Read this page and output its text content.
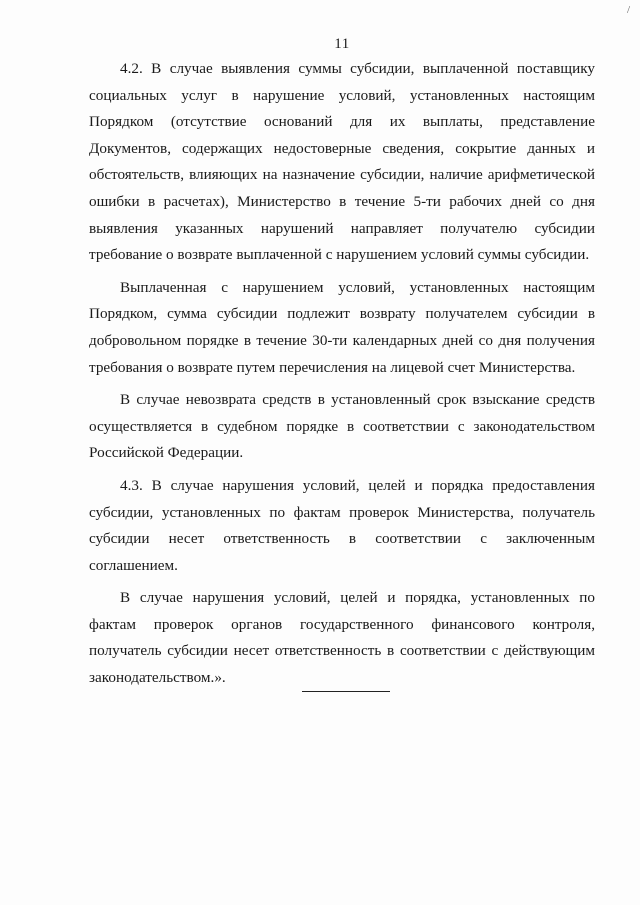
/
11

4.2. В случае выявления суммы субсидии, выплаченной поставщику социальных услуг в нарушение условий, установленных настоящим Порядком (отсутствие оснований для их выплаты, представление Документов, содержащих недостоверные сведения, сокрытие данных и обстоятельств, влияющих на назначение субсидии, наличие арифметической ошибки в расчетах), Министерство в течение 5-ти рабочих дней со дня выявления указанных нарушений направляет получателю субсидии требование о возврате выплаченной с нарушением условий суммы субсидии.

Выплаченная с нарушением условий, установленных настоящим Порядком, сумма субсидии подлежит возврату получателем субсидии в добровольном порядке в течение 30-ти календарных дней со дня получения требования о возврате путем перечисления на лицевой счет Министерства.

В случае невозврата средств в установленный срок взыскание средств осуществляется в судебном порядке в соответствии с законодательством Российской Федерации.

4.3. В случае нарушения условий, целей и порядка предоставления субсидии, установленных по фактам проверок Министерства, получатель субсидии несет ответственность в соответствии с заключенным соглашением.

В случае нарушения условий, целей и порядка, установленных по фактам проверок органов государственного финансового контроля, получатель субсидии несет ответственность в соответствии с действующим законодательством.».
